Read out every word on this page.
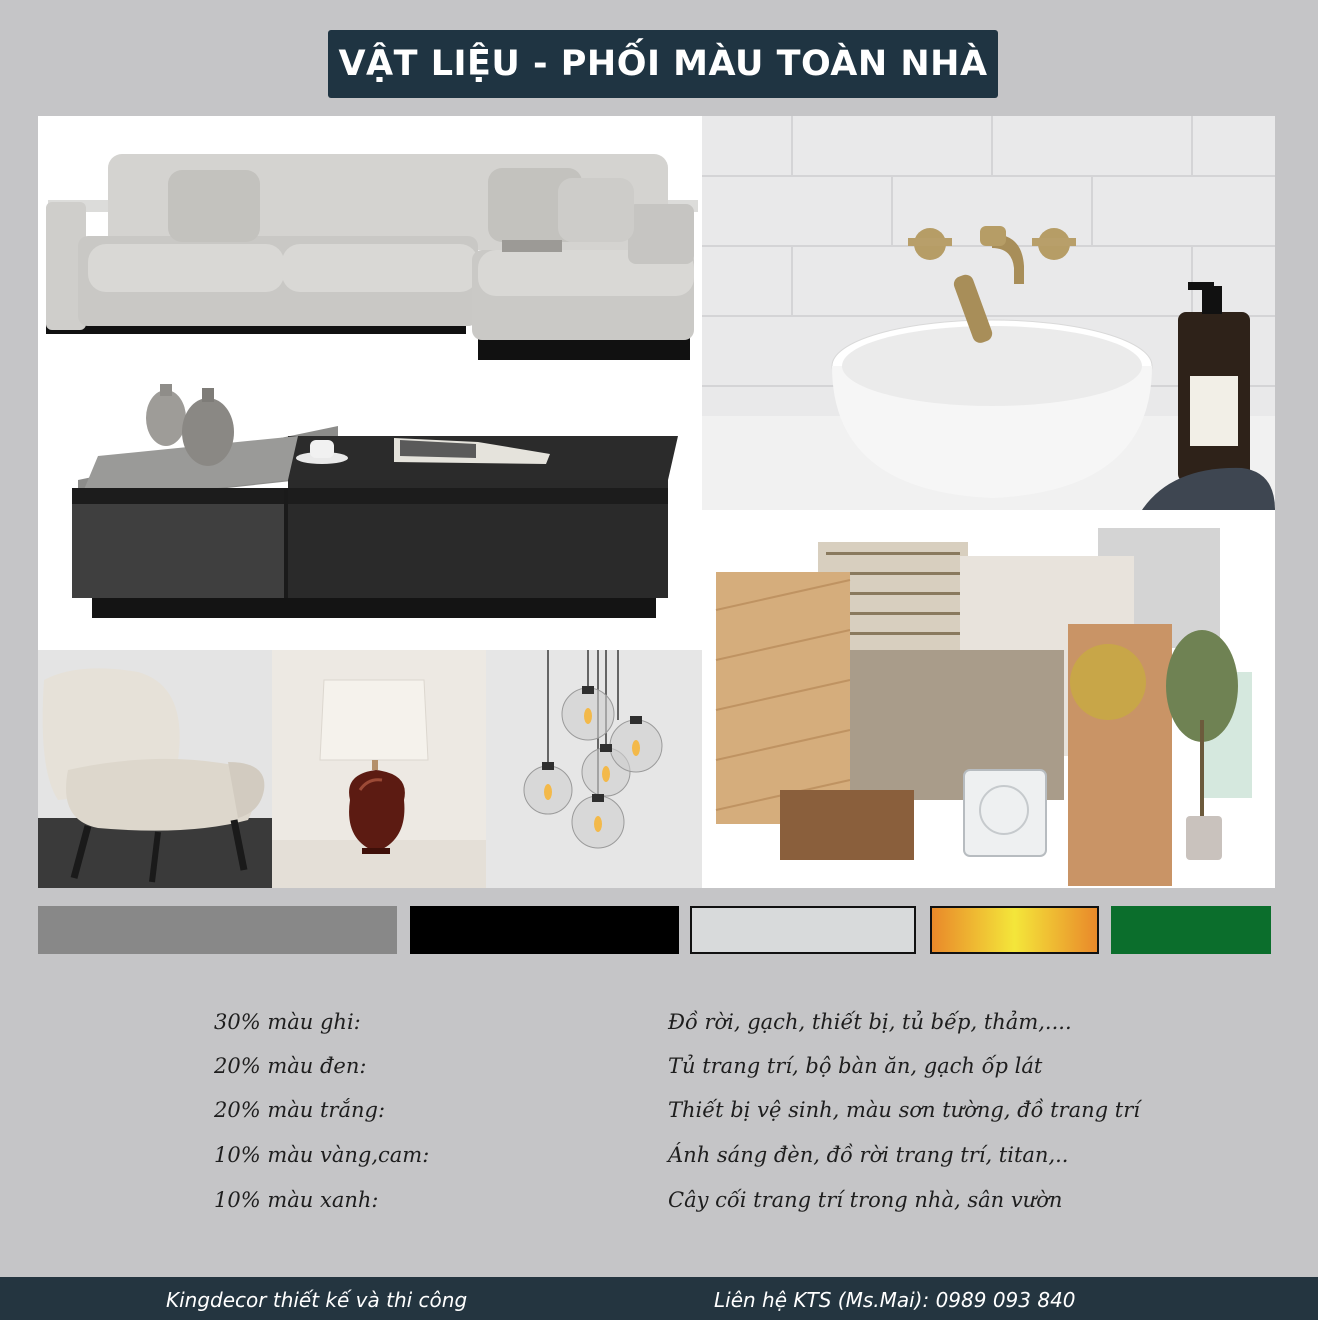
VẬT LIỆU - PHỐI MÀU TOÀN NHÀ
30% màu ghi:	Đồ rời, gạch, thiết bị, tủ bếp, thảm,....
20% màu đen:	Tủ trang trí, bộ bàn ăn, gạch ốp lát
20% màu trắng:	Thiết bị vệ sinh, màu sơn tường, đồ trang trí
10% màu vàng,cam:	Ánh sáng đèn, đồ rời trang trí, titan,..
10% màu xanh:	Cây cối trang trí trong nhà, sân vườn
Kingdecor thiết kế và thi công	Liên hệ KTS (Ms.Mai): 0989 093 840
